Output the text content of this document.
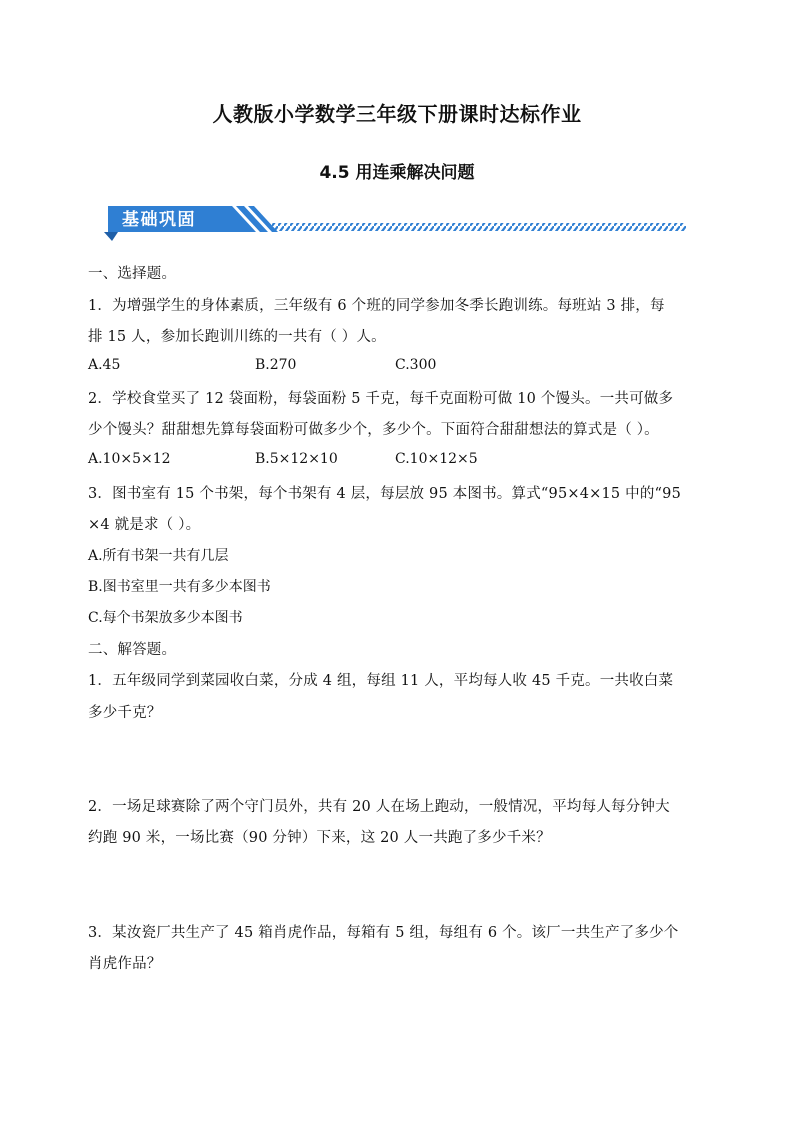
人教版小学数学三年级下册课时达标作业
4.5 用连乘解决问题
基础巩固
一、选择题。
1．为增强学生的身体素质，三年级有 6 个班的同学参加冬季长跑训练。每班站 3 排，每
排 15 人，参加长跑训川练的一共有（ ）人。
A.45	B.270	C.300
2．学校食堂买了 12 袋面粉，每袋面粉 5 千克，每千克面粉可做 10 个馒头。一共可做多
少个馒头？甜甜想先算每袋面粉可做多少个，多少个。下面符合甜甜想法的算式是（ ）。
A.10×5×12	B.5×12×10	C.10×12×5
3．图书室有 15 个书架，每个书架有 4 层，每层放 95 本图书。算式“95×4×15 中的“95
×4 就是求（ ）。
A.所有书架一共有几层
B.图书室里一共有多少本图书
C.每个书架放多少本图书
二、解答题。
1．五年级同学到菜园收白菜，分成 4 组，每组 11 人，平均每人收 45 千克。一共收白菜
多少千克？
2．一场足球赛除了两个守门员外，共有 20 人在场上跑动，一般情况，平均每人每分钟大
约跑 90 米，一场比赛（90 分钟）下来，这 20 人一共跑了多少千米？
3．某汝瓷厂共生产了 45 箱肖虎作品，每箱有 5 组，每组有 6 个。该厂一共生产了多少个
肖虎作品？
